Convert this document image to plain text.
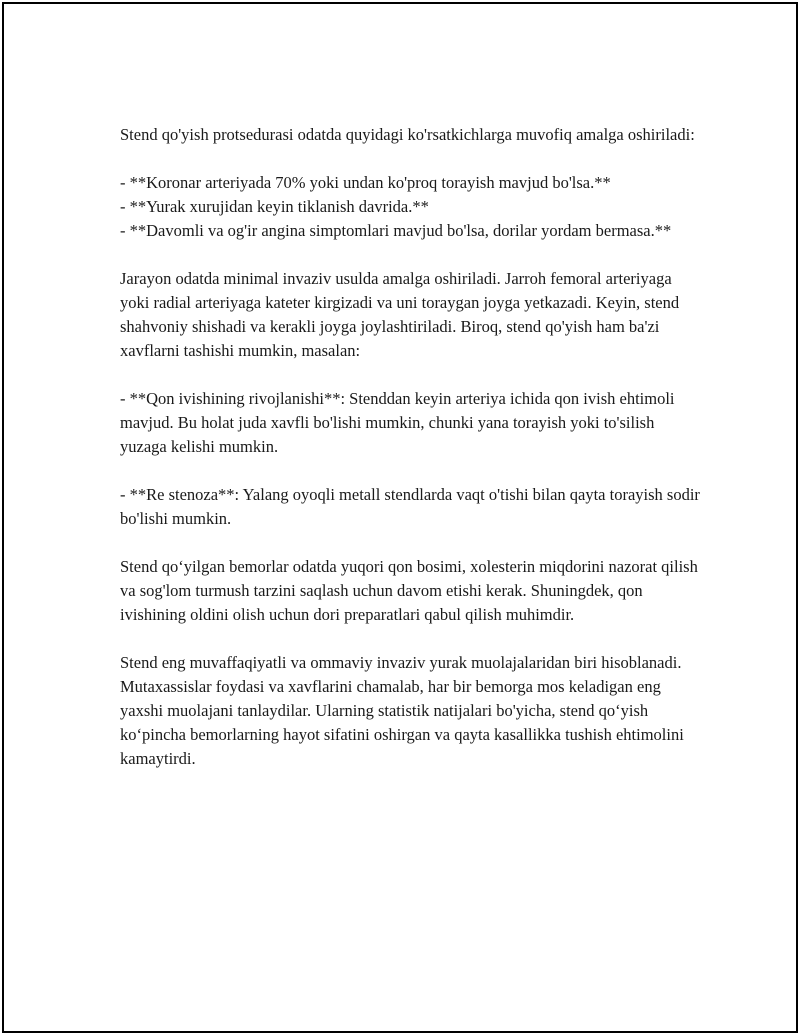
Stend qo'yish protsedurasi odatda quyidagi ko'rsatkichlarga muvofiq amalga oshiriladi:

- **Koronar arteriyada 70% yoki undan ko'proq torayish mavjud bo'lsa.**
- **Yurak xurujidan keyin tiklanish davrida.**
- **Davomli va og'ir angina simptomlari mavjud bo'lsa, dorilar yordam bermasa.**

Jarayon odatda minimal invaziv usulda amalga oshiriladi. Jarroh femoral arteriyaga yoki radial arteriyaga kateter kirgizadi va uni toraygan joyga yetkazadi. Keyin, stend shahvoniy shishadi va kerakli joyga joylashtiriladi. Biroq, stend qo'yish ham ba'zi xavflarni tashishi mumkin, masalan:

- **Qon ivishining rivojlanishi**: Stenddan keyin arteriya ichida qon ivish ehtimoli mavjud. Bu holat juda xavfli bo'lishi mumkin, chunki yana torayish yoki to'silish yuzaga kelishi mumkin.

- **Re stenoza**: Yalang oyoqli metall stendlarda vaqt o'tishi bilan qayta torayish sodir bo'lishi mumkin.

Stend qo‘yilgan bemorlar odatda yuqori qon bosimi, xolesterin miqdorini nazorat qilish va sog'lom turmush tarzini saqlash uchun davom etishi kerak. Shuningdek, qon ivishining oldini olish uchun dori preparatlari qabul qilish muhimdir.

Stend eng muvaffaqiyatli va ommaviy invaziv yurak muolajalaridan biri hisoblanadi. Mutaxassislar foydasi va xavflarini chamalab, har bir bemorga mos keladigan eng yaxshi muolajani tanlaydilar. Ularning statistik natijalari bo'yicha, stend qo‘yish ko‘pincha bemorlarning hayot sifatini oshirgan va qayta kasallikka tushish ehtimolini kamaytirdi.
